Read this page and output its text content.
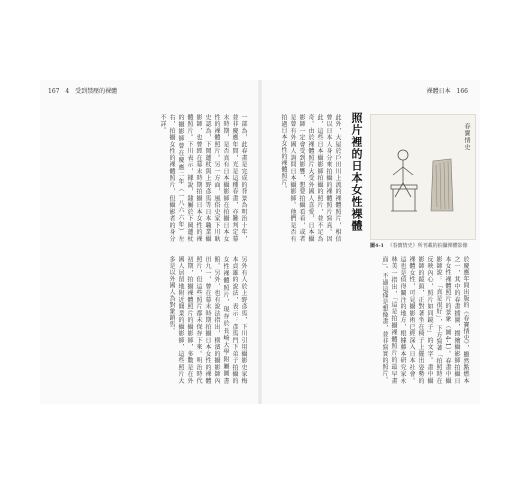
167 4 受到禁壓的裸體
一部為，此春畫是完成的背景為明治十年，並非慶應年間，光是這種春畫，亦難判定幕末時期，是否真有日本攝影師在拍攝日本女性的裸體照片。另一方面，風俗史家下川耿史認為，下岡蓮杖與上野彥馬等日本職業攝影師，也曾經在幕末時期拍攝日本女性的裸體照片。下川表示，據說，隸屬於下岡蓮杖的攝影師曾在慶應二年（一八六六年）左右，拍攝女性的裸體照片，但攝影者的身分不詳。
另外有人於上野彥馬，下川引用攝影史家梅本貞雄的說法，表示：彥馬門下弟子拍攝的女性裸體照片，現存於長崎大學附屬圖書館。另外，也有說法指出，横濱的攝影師內田九一，曾在幕末時期拍攝日本女性的裸體照片，但這些照片都未保存下來。明治時代初期，拍攝裸體照片的攝影師，多數是在外國人居留地附近開業的攝影師，這些照片大多是以外國人為對象銷售。
裸體日本 166
此外，大屋於戶田川上流的裸體照片，相信曾以日本人身分來拍攝的裸體照片寫真。因此，這些日本攝影師拍攝的照片，並不足為奇。由於裸體照片大受外國人喜愛，日本攝影師一定會受到影響，想要拍攝看看，或者是曾有外國人詢問日本攝影師。他們是否有拍過日本女性的裸體照片。	照片裡的日本女性裸體	春寶情史
圖4-1 《春寶情史》所刊載的拍攝裸體影像
於慶應年間出版的《春寶情史》，顯然點燃本之一，其中的春畫插圖，描繪攝影師拍攝日本女性裸體照片的景象（圖4-1）。春畫中攝影師說：「真是很好」，下方寫著「拍照時在反映內心，照片如同鏡子」的文字。畫中攝影師的鏡頭，正對著坐在椅子上擺出姿勢的裸體女性，可見攝影術已經深入日本社會。這也是值得關注的地方，根據藤本研究家永林美一指出，「這是拍攝裸體照片的最早畫面」。不過這僅是想像畫，並非寫實的照片。
